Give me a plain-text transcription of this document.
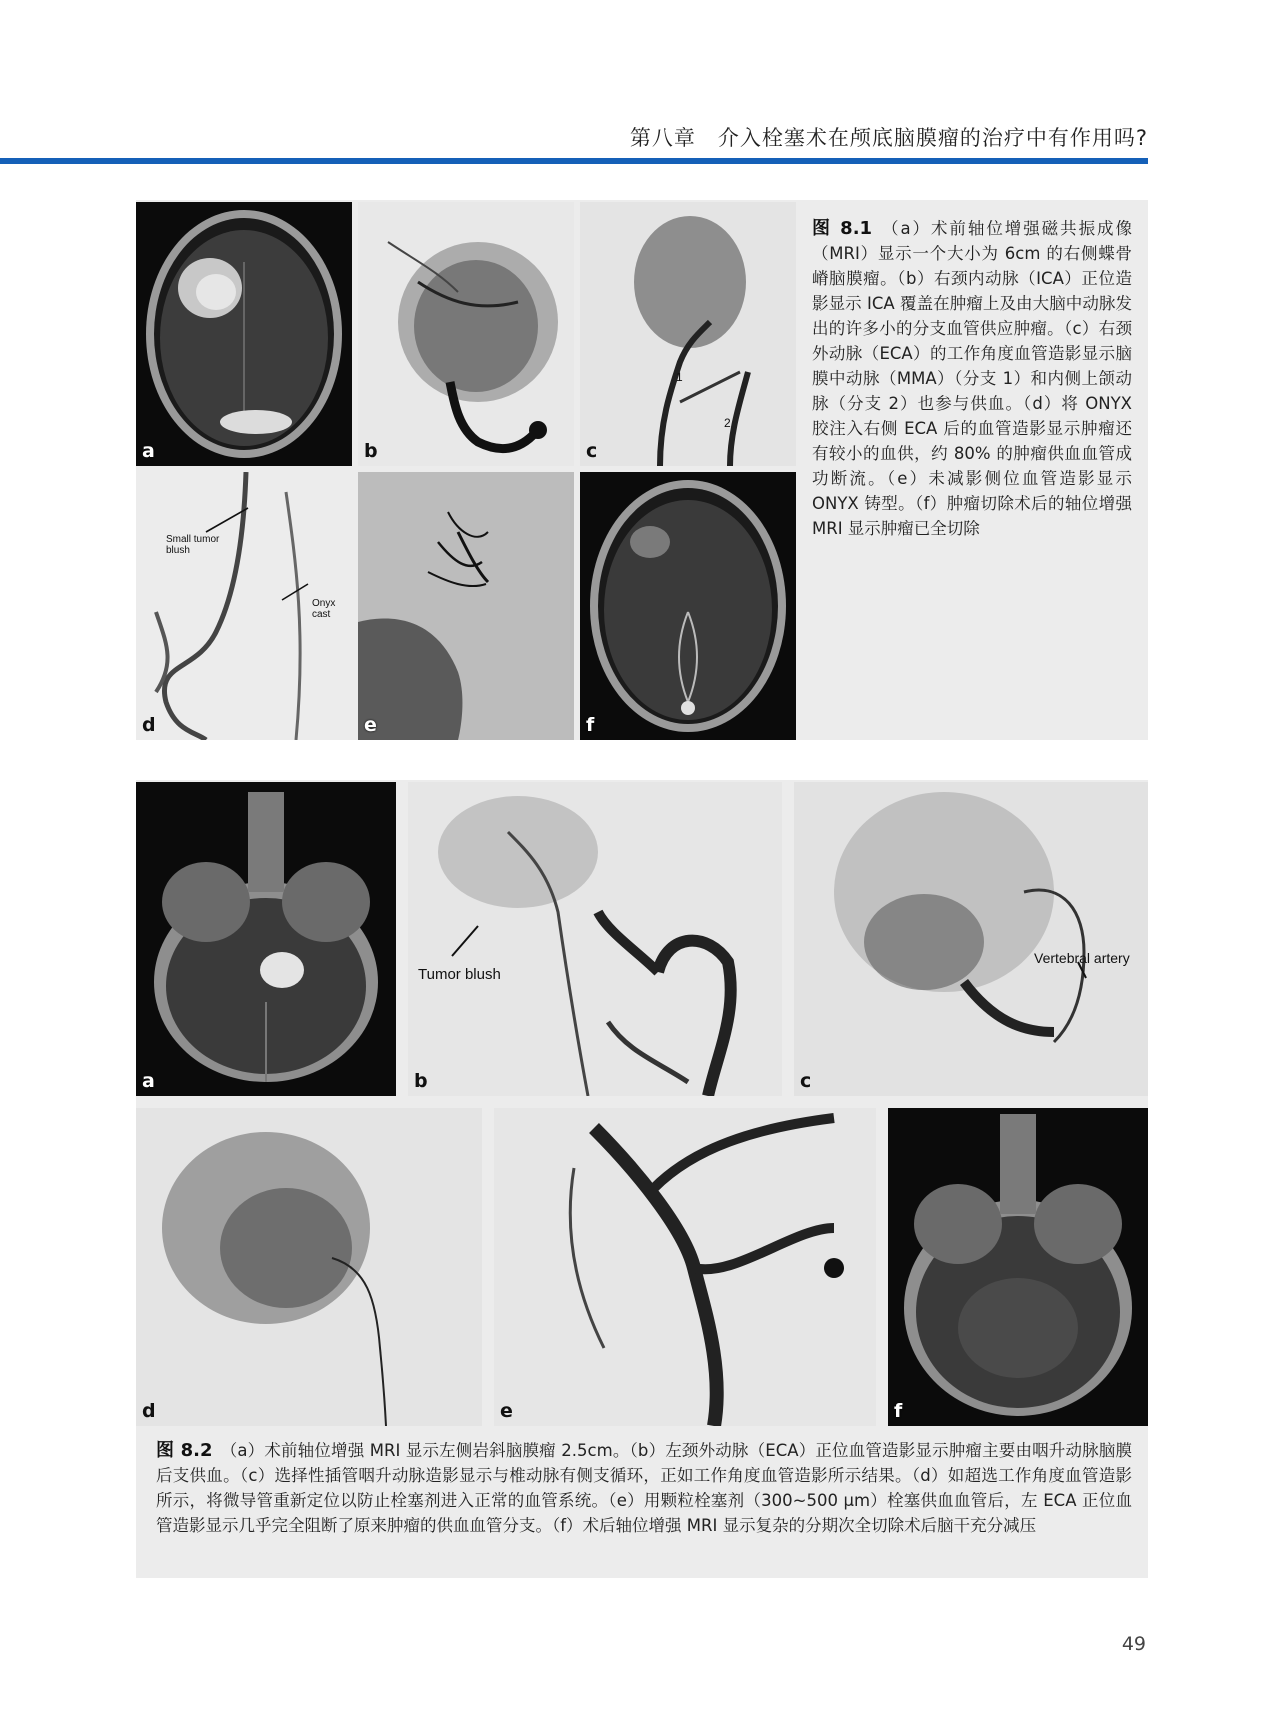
第八章　介入栓塞术在颅底脑膜瘤的治疗中有作用吗?
a	b
1
2
c
Small tumor blush
Onyx cast
d	e	f
图 8.1 （a）术前轴位增强磁共振成像（MRI）显示一个大小为 6cm 的右侧蝶骨嵴脑膜瘤。（b）右颈内动脉（ICA）正位造影显示 ICA 覆盖在肿瘤上及由大脑中动脉发出的许多小的分支血管供应肿瘤。（c）右颈外动脉（ECA）的工作角度血管造影显示脑膜中动脉（MMA）（分支 1）和内侧上颌动脉（分支 2）也参与供血。（d）将 ONYX 胶注入右侧 ECA 后的血管造影显示肿瘤还有较小的血供，约 80% 的肿瘤供血血管成功断流。（e）未减影侧位血管造影显示 ONYX 铸型。（f）肿瘤切除术后的轴位增强 MRI 显示肿瘤已全切除
a
Tumor blush
b
Vertebral artery
c
d	e	f
图 8.2 （a）术前轴位增强 MRI 显示左侧岩斜脑膜瘤 2.5cm。（b）左颈外动脉（ECA）正位血管造影显示肿瘤主要由咽升动脉脑膜后支供血。（c）选择性插管咽升动脉造影显示与椎动脉有侧支循环，正如工作角度血管造影所示结果。（d）如超选工作角度血管造影所示，将微导管重新定位以防止栓塞剂进入正常的血管系统。（e）用颗粒栓塞剂（300~500 μm）栓塞供血血管后，左 ECA 正位血管造影显示几乎完全阻断了原来肿瘤的供血血管分支。（f）术后轴位增强 MRI 显示复杂的分期次全切除术后脑干充分减压
49
